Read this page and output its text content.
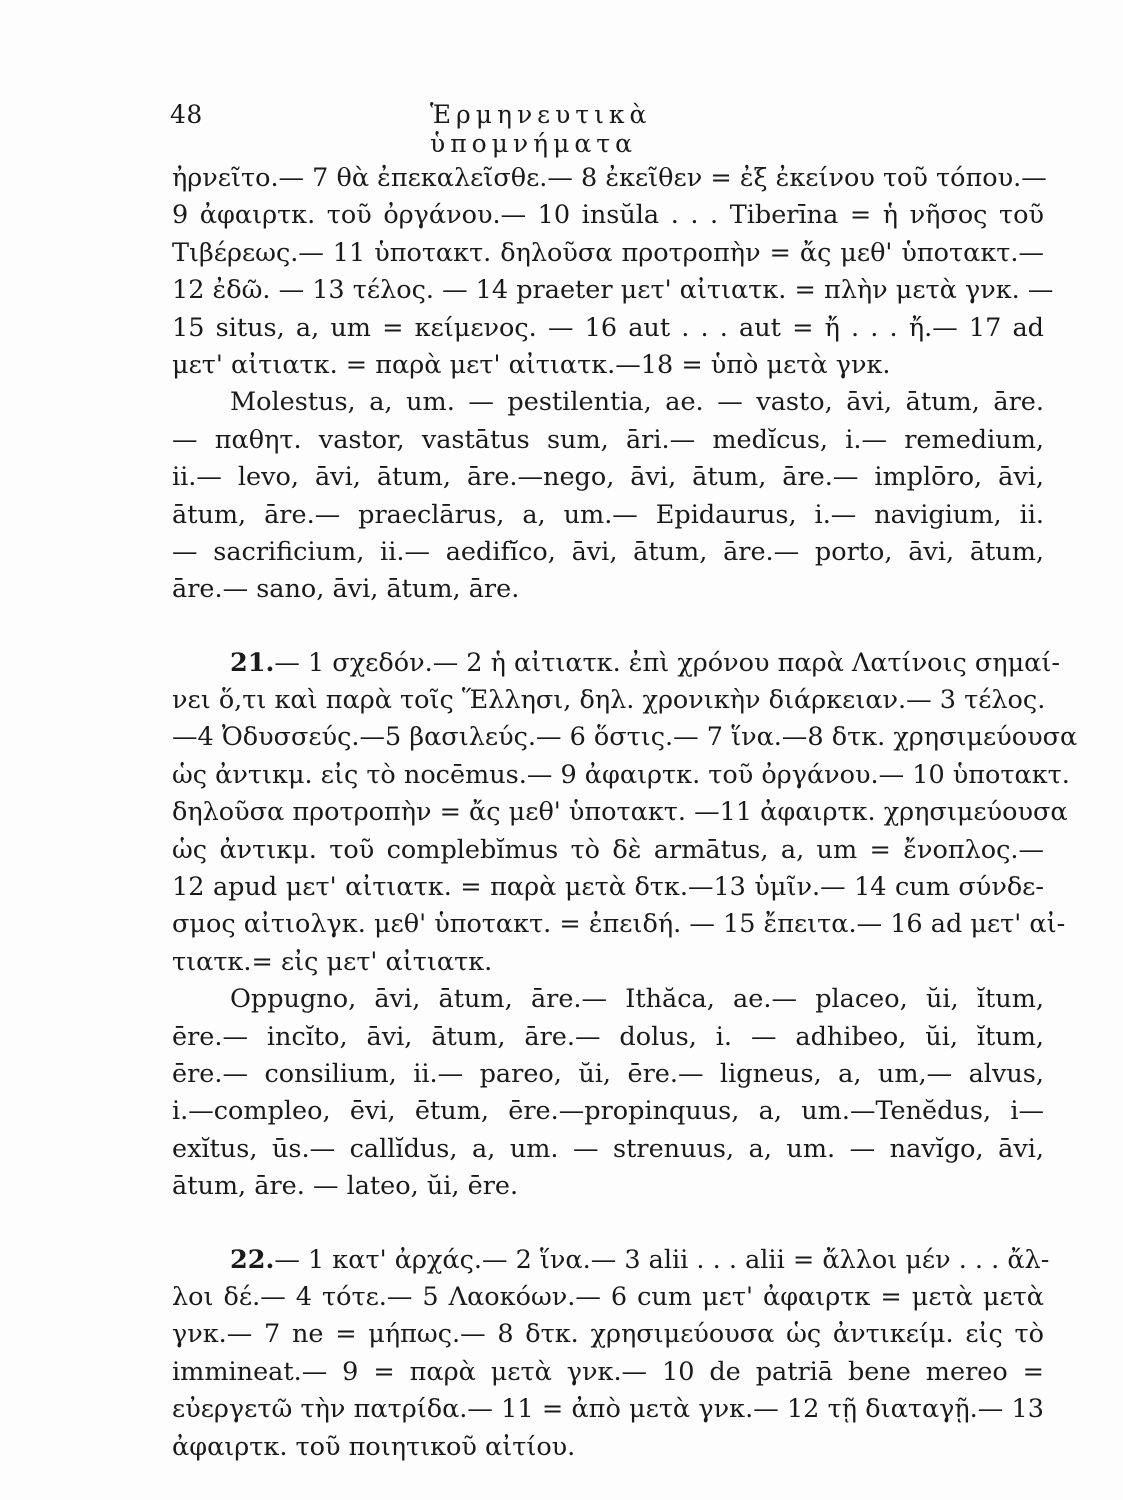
48	Ἑρμηνευτικὰ ὑπομνήματα
ἠρνεῖτο.— 7 θὰ ἐπεκαλεῖσθε.— 8 ἐκεῖθεν = ἐξ ἐκείνου τοῦ τόπου.—
9 ἀφαιρτκ. τοῦ ὀργάνου.— 10 insŭla . . . Tiberīna = ἡ νῆσος τοῦ
Τιβέρεως.— 11 ὑποτακτ. δηλοῦσα προτροπὴν = ἄς μεθ' ὑποτακτ.—
12 ἐδῶ. — 13 τέλος. — 14 praeter μετ' αἰτιατκ. = πλὴν μετὰ γνκ. —
15 situs, a, um = κείμενος. — 16 aut . . . aut = ἤ . . . ἤ.— 17 ad
μετ' αἰτιατκ. = παρὰ μετ' αἰτιατκ.—18 = ὑπὸ μετὰ γνκ.
Molestus, a, um. — pestilentia, ae. — vasto, āvi, ātum, āre.
— παθητ. vastor, vastātus sum, āri.— medĭcus, i.— remedium,
ii.— levo, āvi, ātum, āre.—nego, āvi, ātum, āre.— implōro, āvi,
ātum, āre.— praeclārus, a, um.— Epidaurus, i.— navigium, ii.
— sacrificium, ii.— aedifĭco, āvi, ātum, āre.— porto, āvi, ātum,
āre.— sano, āvi, ātum, āre.
21.— 1 σχεδόν.— 2 ἡ αἰτιατκ. ἐπὶ χρόνου παρὰ Λατίνοις σημαί-
νει ὅ,τι καὶ παρὰ τοῖς Ἕλλησι, δηλ. χρονικὴν διάρκειαν.— 3 τέλος.
—4 Ὀδυσσεύς.—5 βασιλεύς.— 6 ὅστις.— 7 ἵνα.—8 δτκ. χρησιμεύουσα
ὡς ἀντικμ. εἰς τὸ nocēmus.— 9 ἀφαιρτκ. τοῦ ὀργάνου.— 10 ὑποτακτ.
δηλοῦσα προτροπὴν = ἄς μεθ' ὑποτακτ. —11 ἀφαιρτκ. χρησιμεύουσα
ὡς ἀντικμ. τοῦ complebĭmus τὸ δὲ armātus, a, um = ἔνοπλος.—
12 apud μετ' αἰτιατκ. = παρὰ μετὰ δτκ.—13 ὑμῖν.— 14 cum σύνδε-
σμος αἰτιολγκ. μεθ' ὑποτακτ. = ἐπειδή. — 15 ἔπειτα.— 16 ad μετ' αἰ-
τιατκ.= εἰς μετ' αἰτιατκ.
Oppugno, āvi, ātum, āre.— Ithăca, ae.— placeo, ŭi, ĭtum,
ēre.— incĭto, āvi, ātum, āre.— dolus, i. — adhibeo, ŭi, ĭtum,
ēre.— consilium, ii.— pareo, ŭi, ēre.— ligneus, a, um,— alvus,
i.—compleo, ēvi, ētum, ēre.—propinquus, a, um.—Tenĕdus, i—
exĭtus, ūs.— callĭdus, a, um. — strenuus, a, um. — navĭgo, āvi,
ātum, āre. — lateo, ŭi, ēre.
22.— 1 κατ' ἀρχάς.— 2 ἵνα.— 3 alii . . . alii = ἄλλοι μέν . . . ἄλ-
λοι δέ.— 4 τότε.— 5 Λαοκόων.— 6 cum μετ' ἀφαιρτκ = μετὰ μετὰ
γνκ.— 7 ne = μήπως.— 8 δτκ. χρησιμεύουσα ὡς ἀντικείμ. εἰς τὸ
immineat.— 9 = παρὰ μετὰ γνκ.— 10 de patriā bene mereo =
εὐεργετῶ τὴν πατρίδα.— 11 = ἀπὸ μετὰ γνκ.— 12 τῇ διαταγῇ.— 13
ἀφαιρτκ. τοῦ ποιητικοῦ αἰτίου.
